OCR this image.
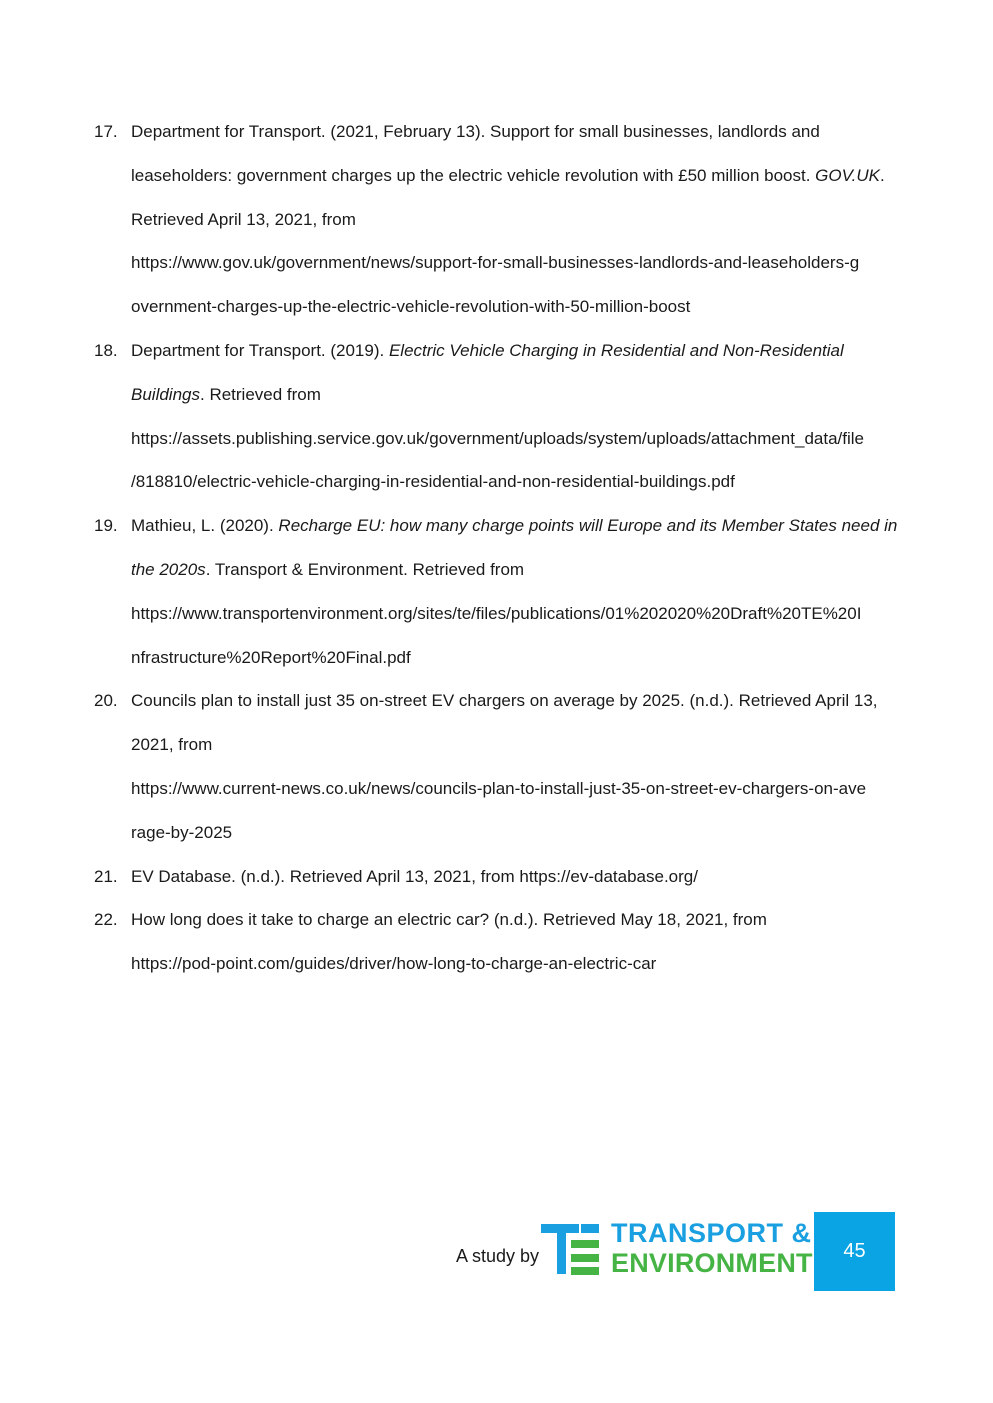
17. Department for Transport. (2021, February 13). Support for small businesses, landlords and
leaseholders: government charges up the electric vehicle revolution with £50 million boost. GOV.UK.
Retrieved April 13, 2021, from
https://www.gov.uk/government/news/support-for-small-businesses-landlords-and-leaseholders-g
overnment-charges-up-the-electric-vehicle-revolution-with-50-million-boost
18. Department for Transport. (2019). Electric Vehicle Charging in Residential and Non-Residential
Buildings. Retrieved from
https://assets.publishing.service.gov.uk/government/uploads/system/uploads/attachment_data/file
/818810/electric-vehicle-charging-in-residential-and-non-residential-buildings.pdf
19. Mathieu, L. (2020). Recharge EU: how many charge points will Europe and its Member States need in
the 2020s. Transport & Environment. Retrieved from
https://www.transportenvironment.org/sites/te/files/publications/01%202020%20Draft%20TE%20I
nfrastructure%20Report%20Final.pdf
20. Councils plan to install just 35 on-street EV chargers on average by 2025. (n.d.). Retrieved April 13,
2021, from
https://www.current-news.co.uk/news/councils-plan-to-install-just-35-on-street-ev-chargers-on-ave
rage-by-2025
21. EV Database. (n.d.). Retrieved April 13, 2021, from https://ev-database.org/
22. How long does it take to charge an electric car? (n.d.). Retrieved May 18, 2021, from
https://pod-point.com/guides/driver/how-long-to-charge-an-electric-car
A study by
TRANSPORT &
ENVIRONMENT	45
